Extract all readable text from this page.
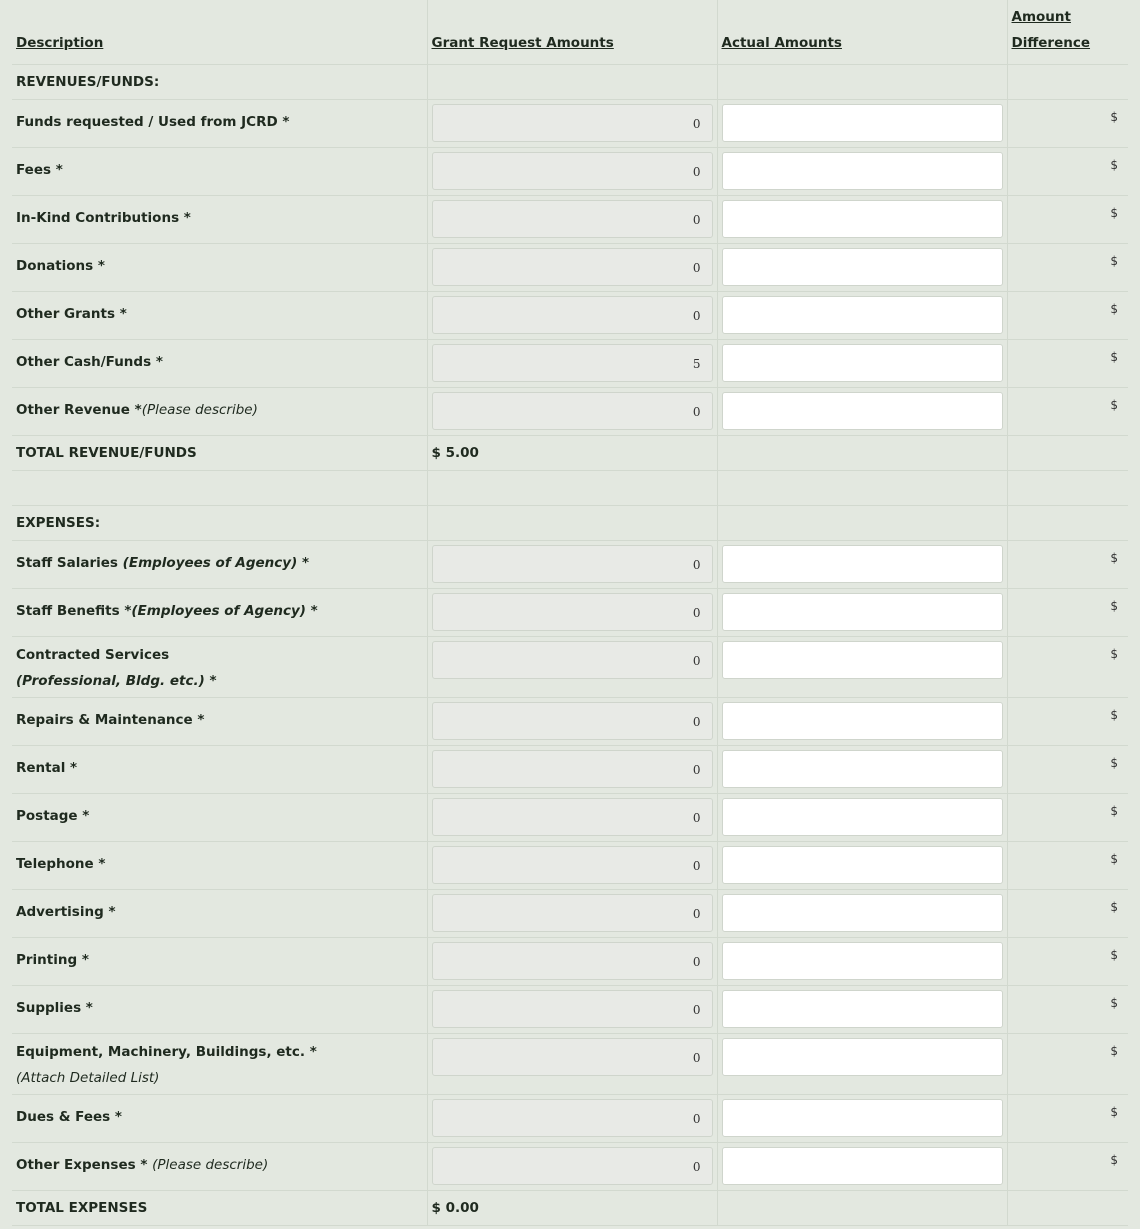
Description	Grant Request Amounts	Actual Amounts	Amount
Difference
REVENUES/FUNDS:			
Funds requested / Used from JCRD *	0		$
Fees *	0		$
In-Kind Contributions *	0		$
Donations *	0		$
Other Grants *	0		$
Other Cash/Funds *	5		$
Other Revenue *(Please describe)	0		$
TOTAL REVENUE/FUNDS	$ 5.00		

EXPENSES:			
Staff Salaries (Employees of Agency) *	0		$
Staff Benefits *(Employees of Agency) *	0		$

Contracted Services
(Professional, Bldg. etc.) *	0		$
Repairs & Maintenance *	0		$
Rental *	0		$
Postage *	0		$
Telephone *	0		$
Advertising *	0		$
Printing *	0		$
Supplies *	0		$

Equipment, Machinery, Buildings, etc. *
(Attach Detailed List)	0		$
Dues & Fees *	0		$
Other Expenses * (Please describe)	0		$
TOTAL EXPENSES	$ 0.00		
